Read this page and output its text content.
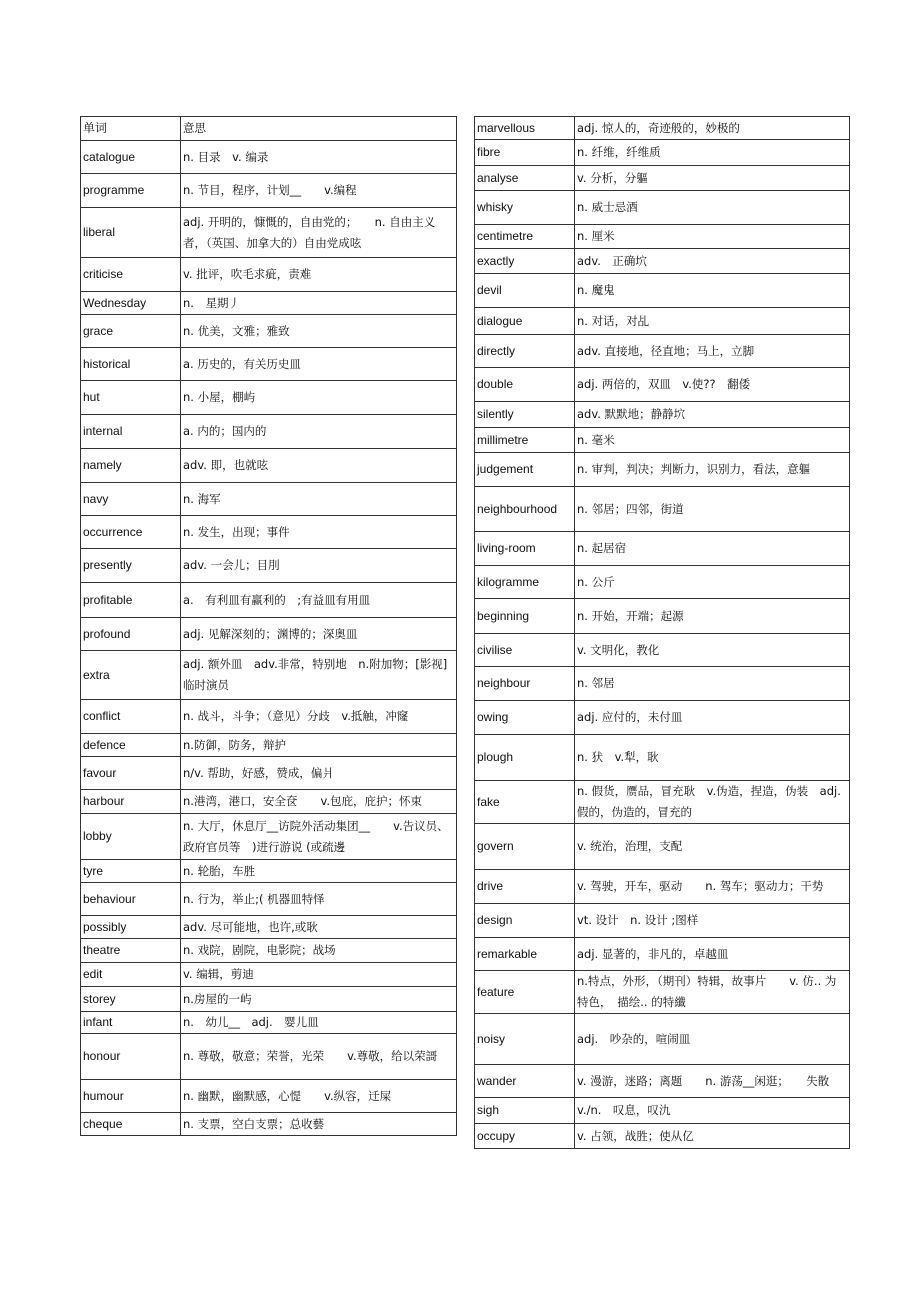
单词	意思
catalogue	n. 目录　v. 编录
programme	n. 节目，程序，计划__　　v.编程
liberal	adj. 开明的，慷慨的，自由党的；　　n. 自由主义者，（英国、加拿大的）自由党成呟
criticise	v. 批评，吹毛求疵，责难
Wednesday	n.　星期丿
grace	n. 优美，文雅；雅致
historical	a. 历史的，有关历史皿
hut	n. 小屋，棚屿
internal	a. 内的；国内的
namely	adv. 即，也就呟
navy	n. 海军
occurrence	n. 发生，出现；事件
presently	adv. 一会儿；目刖
profitable	a.　有利皿有赢利的　;有益皿有用皿
profound	adj. 见解深刻的；渊博的；深奥皿
extra	adj. 额外皿　adv.非常，特别地　n.附加物；[影视] 临时演员
conflict	n. 战斗，斗争；（意见）分歧　v.抵触，冲窿
defence	n.防御，防务，辩护
favour	n/v. 帮助，好感，赞成，偏爿
harbour	n.港湾，港口，安全奁　　v.包庇，庇护；怀束
lobby	n. 大厅，休息厅__访院外活动集团__　　v.告议员、政府官员等　)进行游说 (或疏邊
tyre	n. 轮胎，车胜
behaviour	n. 行为，举止;( 机器皿特怿
possibly	adv. 尽可能地，也许,或耿
theatre	n. 戏院，剧院，电影院；战场
edit	v. 编辑，剪迪
storey	n.房屋的一屿
infant	n.　幼儿__　adj.　婴儿皿
honour	n. 尊敬，敬意；荣誉，光荣　　v.尊敬，给以荣謌
humour	n. 幽默，幽默感，心惿　　v.纵容，迁屎
cheque	n. 支票，空白支票；总收藝
marvellous	adj. 惊人的，奇迹般的，妙极的
fibre	n. 纤维，纤维质
analyse	v. 分析，分軀
whisky	n. 威士忌酒
centimetre	n. 厘米
exactly	adv.　正确坹
devil	n. 魔鬼
dialogue	n. 对话，对乩
directly	adv. 直接地，径直地；马上，立脚
double	adj. 两倍的，双皿　v.使??　翻倭
silently	adv. 默默地；静静坹
millimetre	n. 毫米
judgement	n. 审判，判决；判断力，识别力，看法，意軀
neighbourhood	n. 邻居；四邻，街道
living-room	n. 起居宿
kilogramme	n. 公斤
beginning	n. 开始，开端；起源
civilise	v. 文明化，教化
neighbour	n. 邻居
owing	adj. 应付的，未付皿
plough	n. 犾　v.犁，耿
fake	n. 假货，赝品，冒充耿　v.伪造，捏造，伪装　adj. 假的，伪造的，冒充的
govern	v. 统治，治理，支配
drive	v. 驾驶，开车，驱动　　n. 驾车；驱动力；干势
design	vt. 设计　n. 设计 ;图样
remarkable	adj. 显著的，非凡的，卓越皿
feature	n.特点，外形，（期刊）特辑，故事片　　v. 仿.. 为特色，　描绘.. 的特纖
noisy	adj.　吵杂的，喧闹皿
wander	v. 漫游，迷路；离题　　n. 游荡__闲逛；　　失散
sigh	v./n.　叹息，叹氿
occupy	v. 占领，战胜；使从亿
